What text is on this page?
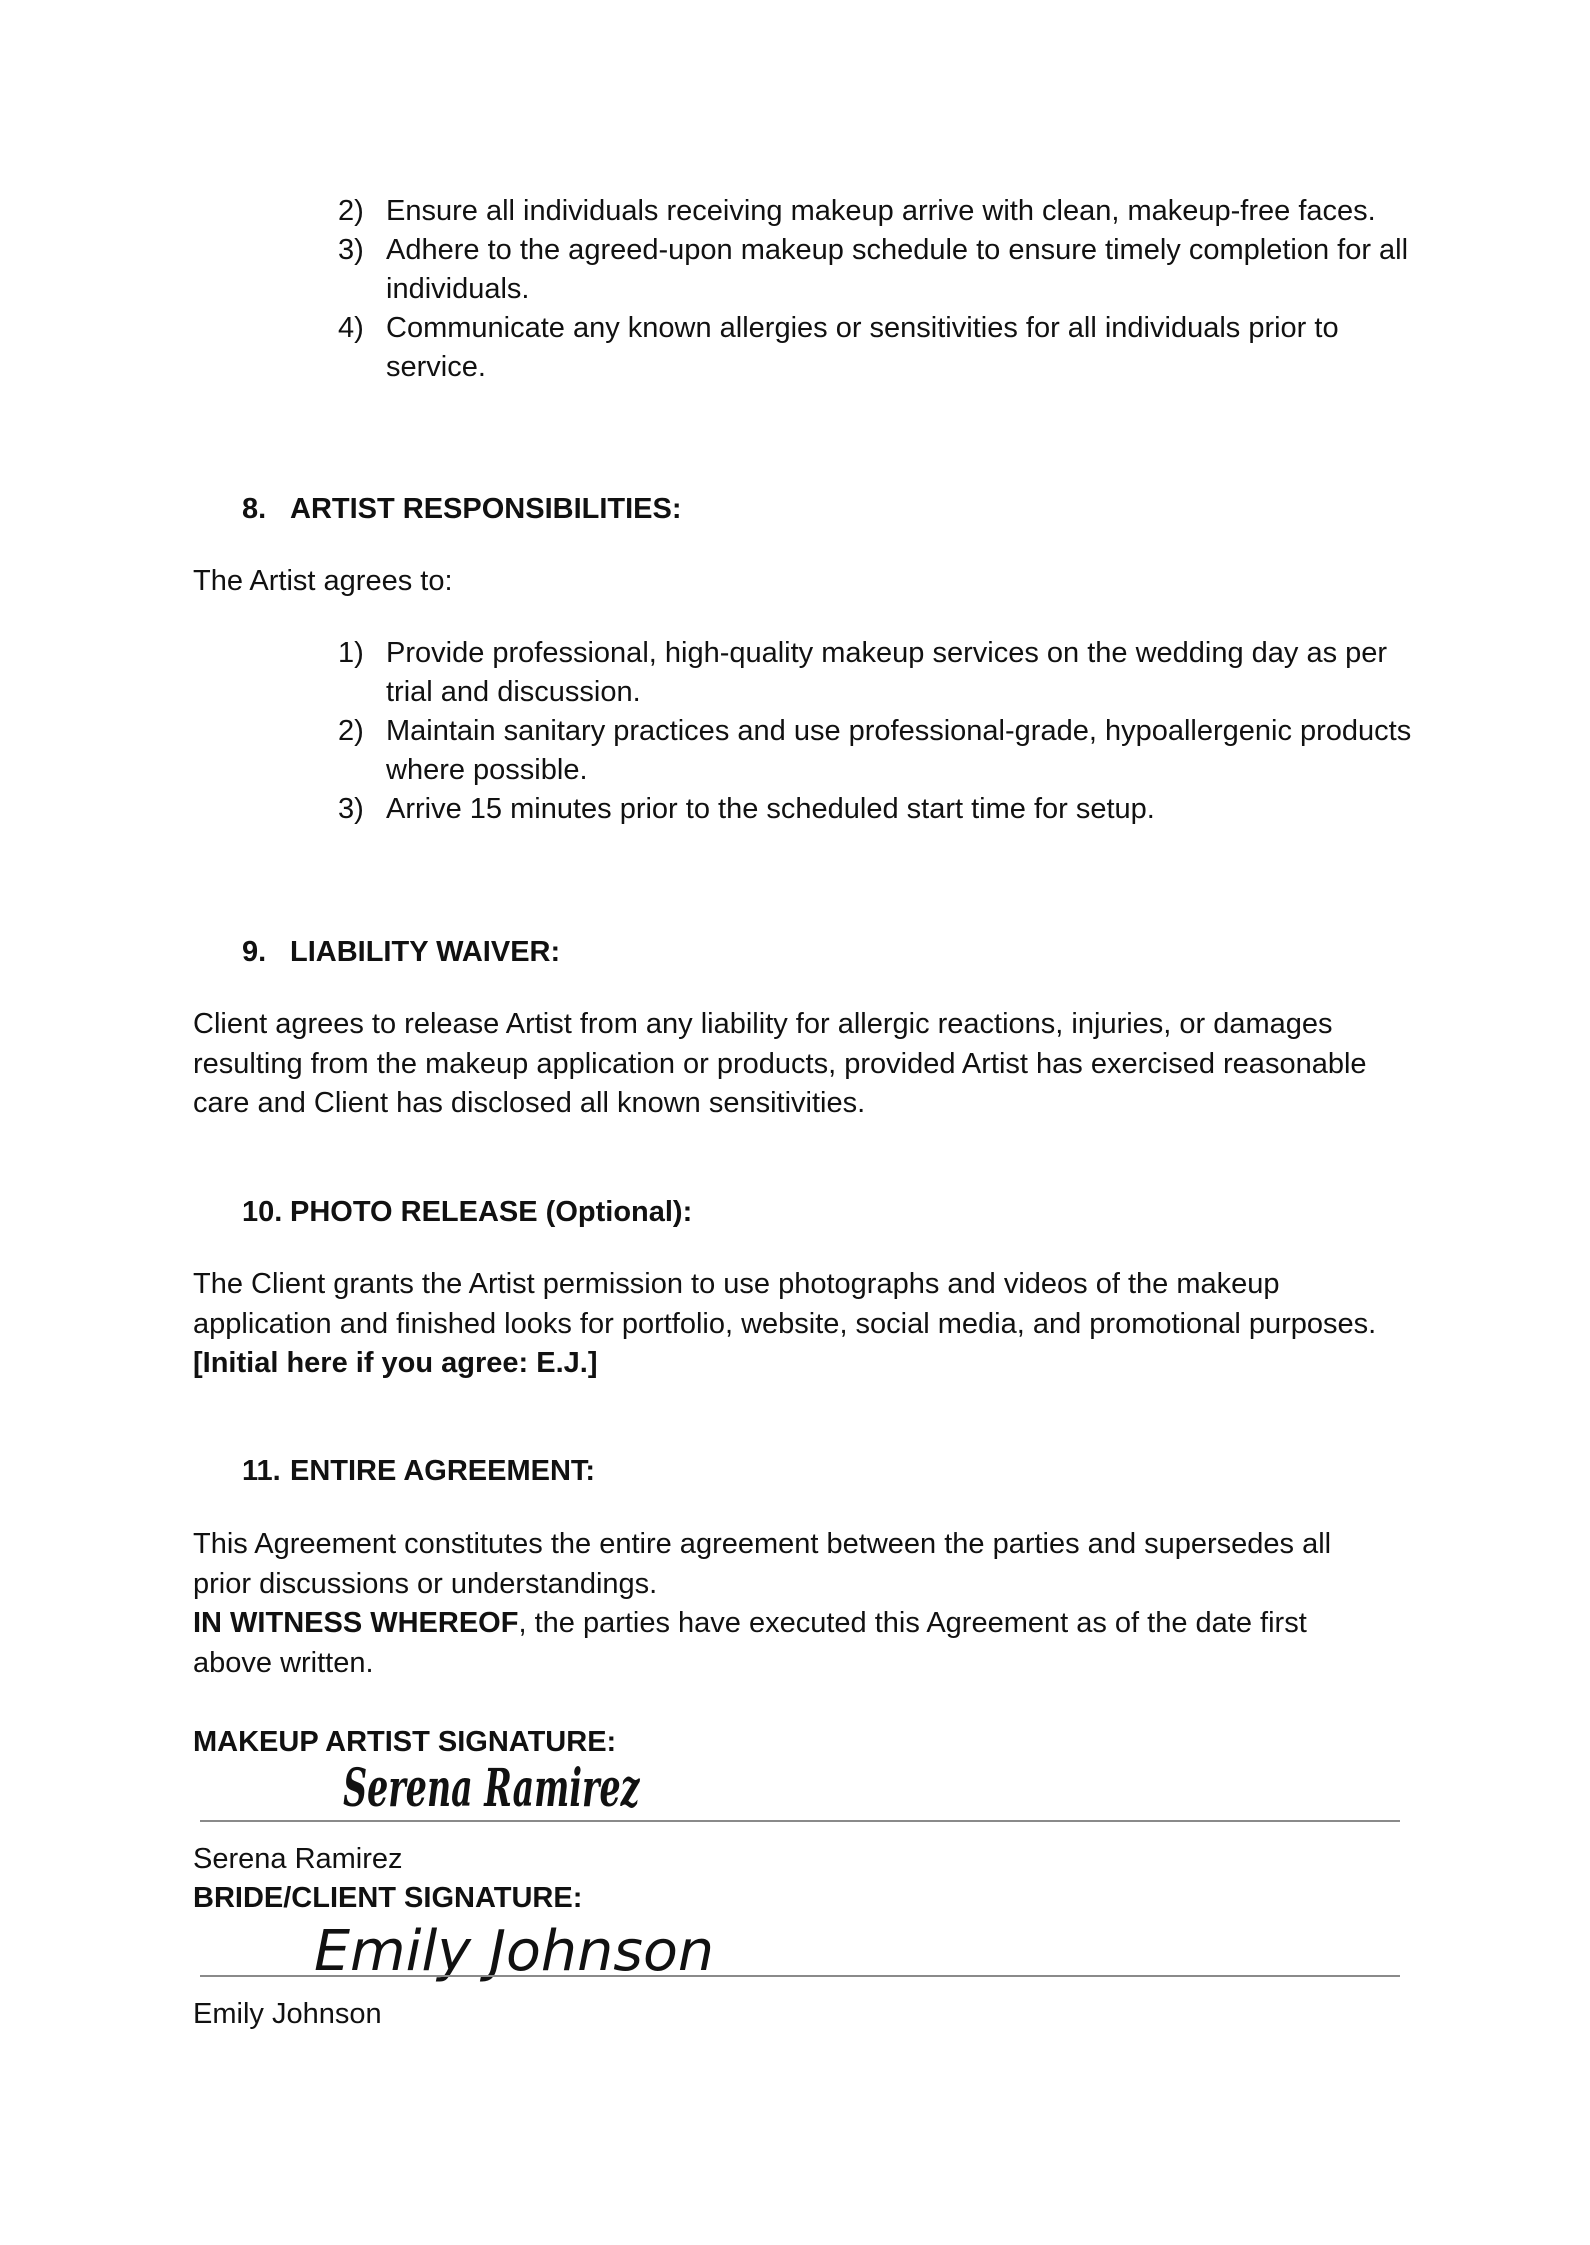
2) Ensure all individuals receiving makeup arrive with clean, makeup-free faces.
3) Adhere to the agreed-upon makeup schedule to ensure timely completion for all individuals.
4) Communicate any known allergies or sensitivities for all individuals prior to service.
8. ARTIST RESPONSIBILITIES:
The Artist agrees to:
1) Provide professional, high-quality makeup services on the wedding day as per trial and discussion.
2) Maintain sanitary practices and use professional-grade, hypoallergenic products where possible.
3) Arrive 15 minutes prior to the scheduled start time for setup.
9. LIABILITY WAIVER:
Client agrees to release Artist from any liability for allergic reactions, injuries, or damages resulting from the makeup application or products, provided Artist has exercised reasonable care and Client has disclosed all known sensitivities.
10. PHOTO RELEASE (Optional):
The Client grants the Artist permission to use photographs and videos of the makeup application and finished looks for portfolio, website, social media, and promotional purposes.
[Initial here if you agree: E.J.]
11. ENTIRE AGREEMENT:
This Agreement constitutes the entire agreement between the parties and supersedes all prior discussions or understandings.
IN WITNESS WHEREOF, the parties have executed this Agreement as of the date first above written.
MAKEUP ARTIST SIGNATURE:
Serena Ramirez
Serena Ramirez
BRIDE/CLIENT SIGNATURE:
Emily Johnson
Emily Johnson
